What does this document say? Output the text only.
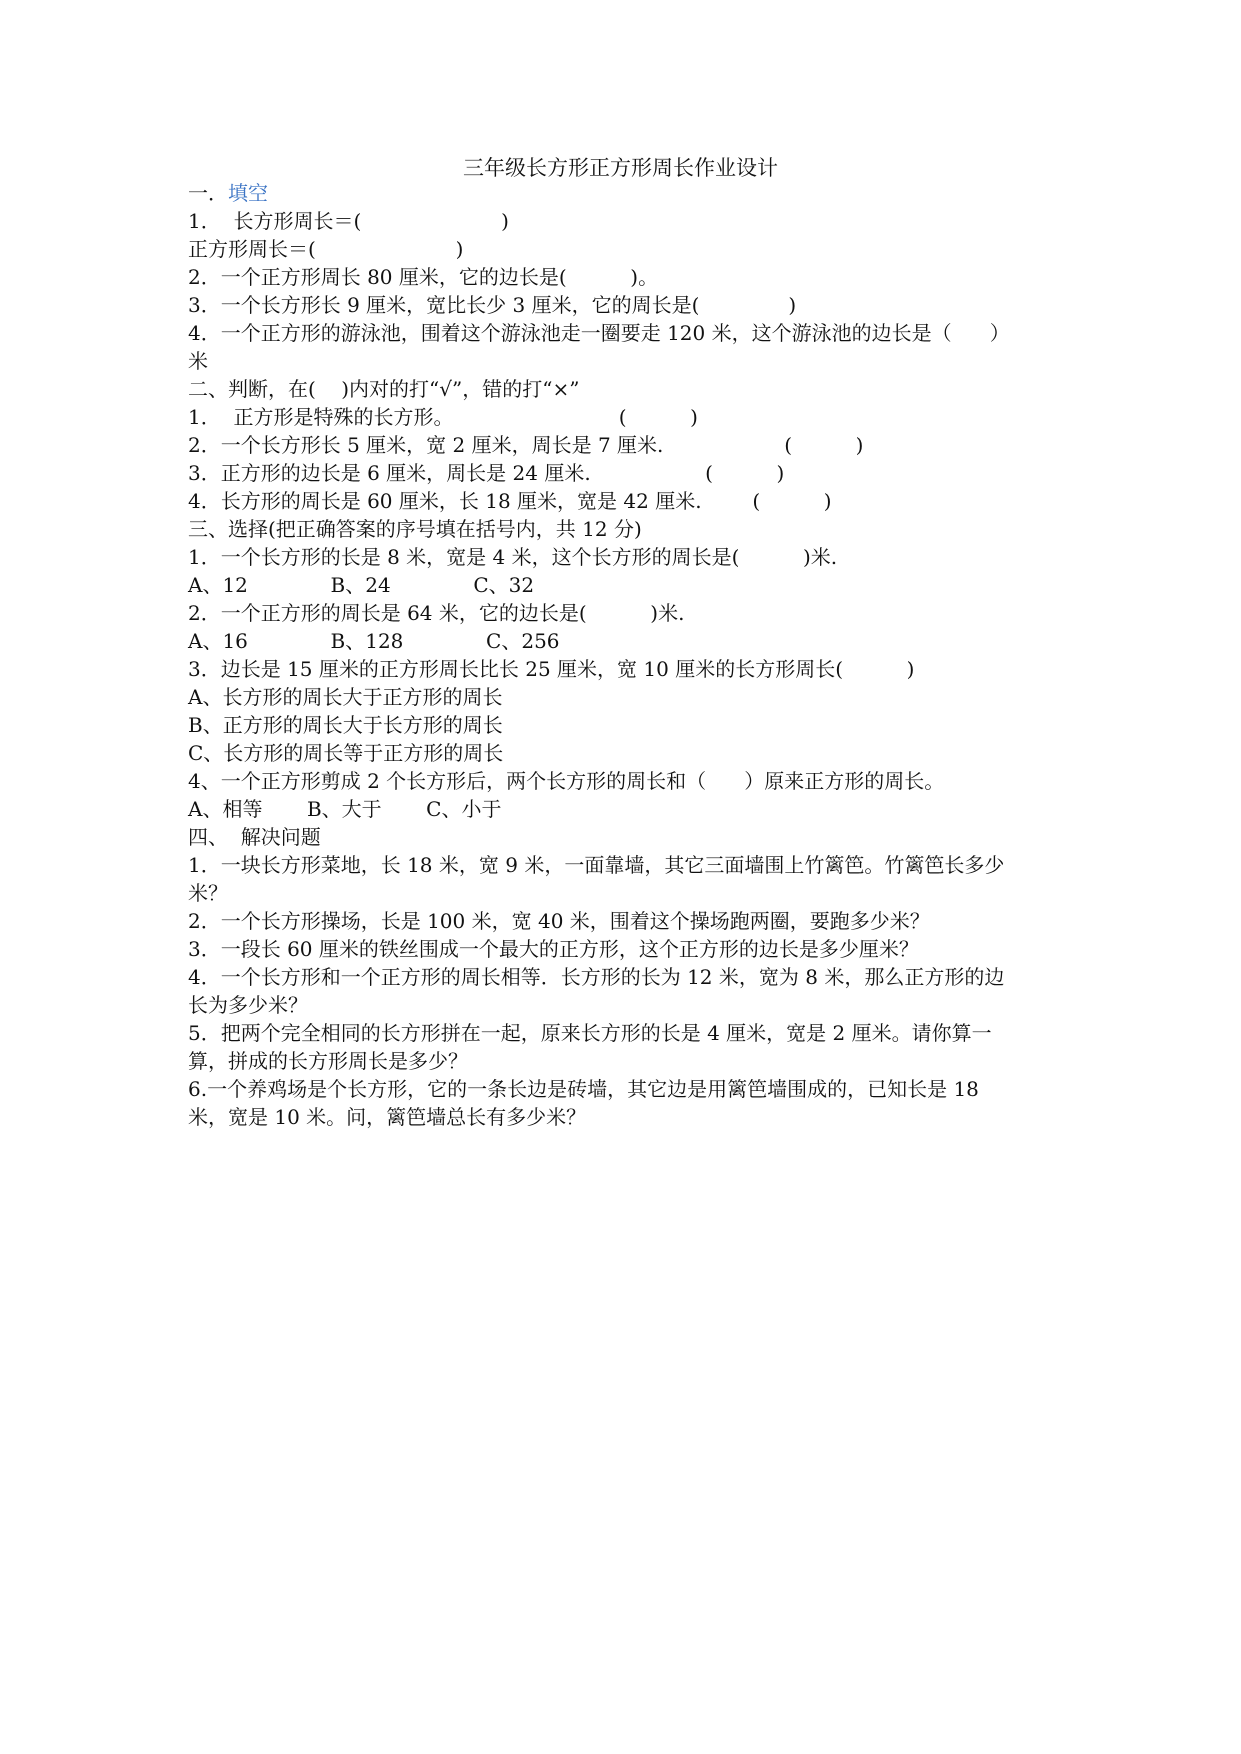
三年级长方形正方形周长作业设计
一．填空
1．  长方形周长＝(                      )
正方形周长＝(                      )
2．一个正方形周长 80 厘米，它的边长是(          )。
3．一个长方形长 9 厘米，宽比长少 3 厘米，它的周长是(              )
4．一个正方形的游泳池，围着这个游泳池走一圈要走 120 米，这个游泳池的边长是（      ）
米
二、判断，在(    )内对的打“√”，错的打“×”
1．  正方形是特殊的长方形。                          (          )
2．一个长方形长 5 厘米，宽 2 厘米，周长是 7 厘米.                   (          )
3．正方形的边长是 6 厘米，周长是 24 厘米.                  (          )
4．长方形的周长是 60 厘米，长 18 厘米，宽是 42 厘米.        (          )
三、选择(把正确答案的序号填在括号内，共 12 分)
1．一个长方形的长是 8 米，宽是 4 米，这个长方形的周长是(          )米.
A、12             B、24             C、32
2．一个正方形的周长是 64 米，它的边长是(          )米.
A、16             B、128             C、256
3．边长是 15 厘米的正方形周长比长 25 厘米，宽 10 厘米的长方形周长(          )
A、长方形的周长大于正方形的周长
B、正方形的周长大于长方形的周长
C、长方形的周长等于正方形的周长
4、一个正方形剪成 2 个长方形后，两个长方形的周长和（      ）原来正方形的周长。
A、相等       B、大于       C、小于
四、  解决问题
1．一块长方形菜地，长 18 米，宽 9 米，一面靠墙，其它三面墙围上竹篱笆。竹篱笆长多少
米？
2．一个长方形操场，长是 100 米，宽 40 米，围着这个操场跑两圈，要跑多少米？
3．一段长 60 厘米的铁丝围成一个最大的正方形，这个正方形的边长是多少厘米？
4．一个长方形和一个正方形的周长相等．长方形的长为 12 米，宽为 8 米，那么正方形的边
长为多少米？
5．把两个完全相同的长方形拼在一起，原来长方形的长是 4 厘米，宽是 2 厘米。请你算一
算，拼成的长方形周长是多少？
6.一个养鸡场是个长方形，它的一条长边是砖墙，其它边是用篱笆墙围成的，已知长是 18
米，宽是 10 米。问，篱笆墙总长有多少米？
